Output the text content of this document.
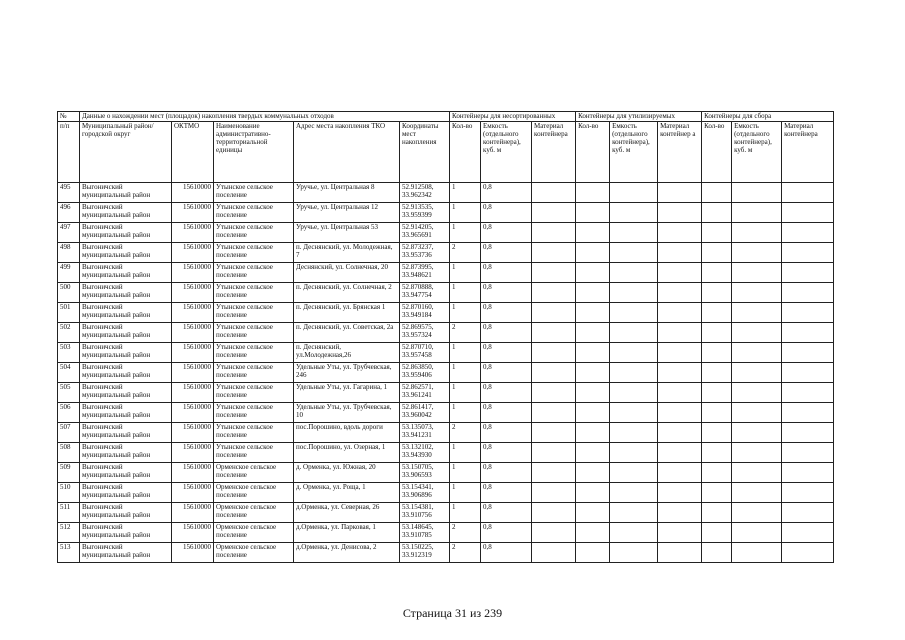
№	Данные о нахождении мест (площадок) накопления твердых коммунальных отходов					Контейнеры для несортированных			Контейнеры для утилизируемых			Контейнеры для сбора		
п/п	Муниципальный район/городской округ	ОКТМО	Наименование административно-территориальной единицы	Адрес места накопления ТКО	Координаты мест накопления	Кол-во	Емкость (отдельного контейнера), куб. м	Материал контейнера	Кол-во	Емкость (отдельного контейнера), куб. м	Материал контейнер а	Кол-во	Емкость (отдельного контейнера), куб. м	Материал контейнера
495	Выгоничский муниципальный район	15610000	Утынское сельское поселение	Уручье, ул. Центральная 8	52.912508, 33.962342	1	0,8							
496	Выгоничский муниципальный район	15610000	Утынское сельское поселение	Уручье, ул. Центральная 12	52.913535, 33.959399	1	0,8							
497	Выгоничский муниципальный район	15610000	Утынское сельское поселение	Уручье, ул. Центральная 53	52.914205, 33.965691	1	0,8							
498	Выгоничский муниципальный район	15610000	Утынское сельское поселение	п. Деснянский, ул. Молодежная, 7	52.873237, 33.953736	2	0,8							
499	Выгоничский муниципальный район	15610000	Утынское сельское поселение	Деснянский, ул. Солнечная, 20	52.873995, 33.948621	1	0,8							
500	Выгоничский муниципальный район	15610000	Утынское сельское поселение	п. Деснянский, ул. Солнечная, 2	52.870888, 33.947754	1	0,8							
501	Выгоничский муниципальный район	15610000	Утынское сельское поселение	п. Деснянский, ул. Брянская 1	52.870160, 33.949184	1	0,8							
502	Выгоничский муниципальный район	15610000	Утынское сельское поселение	п. Деснянский, ул. Советская, 2а	52.869575, 33.957324	2	0,8							
503	Выгоничский муниципальный район	15610000	Утынское сельское поселение	п. Деснянский, ул.Молодежная,26	52.870710, 33.957458	1	0,8							
504	Выгоничский муниципальный район	15610000	Утынское сельское поселение	Удельные Уты, ул. Трубчевская, 246	52.863850, 33.959406	1	0,8							
505	Выгоничский муниципальный район	15610000	Утынское сельское поселение	Удельные Уты, ул. Гагарина, 1	52.862571, 33.961241	1	0,8							
506	Выгоничский муниципальный район	15610000	Утынское сельское поселение	Удельные Уты, ул. Трубчевская, 10	52.861417, 33.960042	1	0,8							
507	Выгоничский муниципальный район	15610000	Утынское сельское поселение	пос.Порошино, вдоль дороги	53.135073, 33.941231	2	0,8							
508	Выгоничский муниципальный район	15610000	Утынское сельское поселение	пос.Порошино, ул. Озерная, 1	53.132102, 33.943930	1	0,8							
509	Выгоничский муниципальный район	15610000	Орменское сельское поселение	д. Орменка, ул. Южная, 20	53.150705, 33.906593	1	0,8							
510	Выгоничский муниципальный район	15610000	Орменское сельское поселение	д. Орменка, ул. Роща, 1	53.154341, 33.906896	1	0,8							
511	Выгоничский муниципальный район	15610000	Орменское сельское поселение	д.Орменка, ул. Северная, 26	53.154381, 33.910756	1	0,8							
512	Выгоничский муниципальный район	15610000	Орменское сельское поселение	д.Орменка, ул. Парковая, 1	53.148645, 33.910785	2	0,8							
513	Выгоничский муниципальный район	15610000	Орменское сельское поселение	д.Орменка, ул. Денисова, 2	53.150225, 33.912319	2	0,8							
Страница 31 из 239
